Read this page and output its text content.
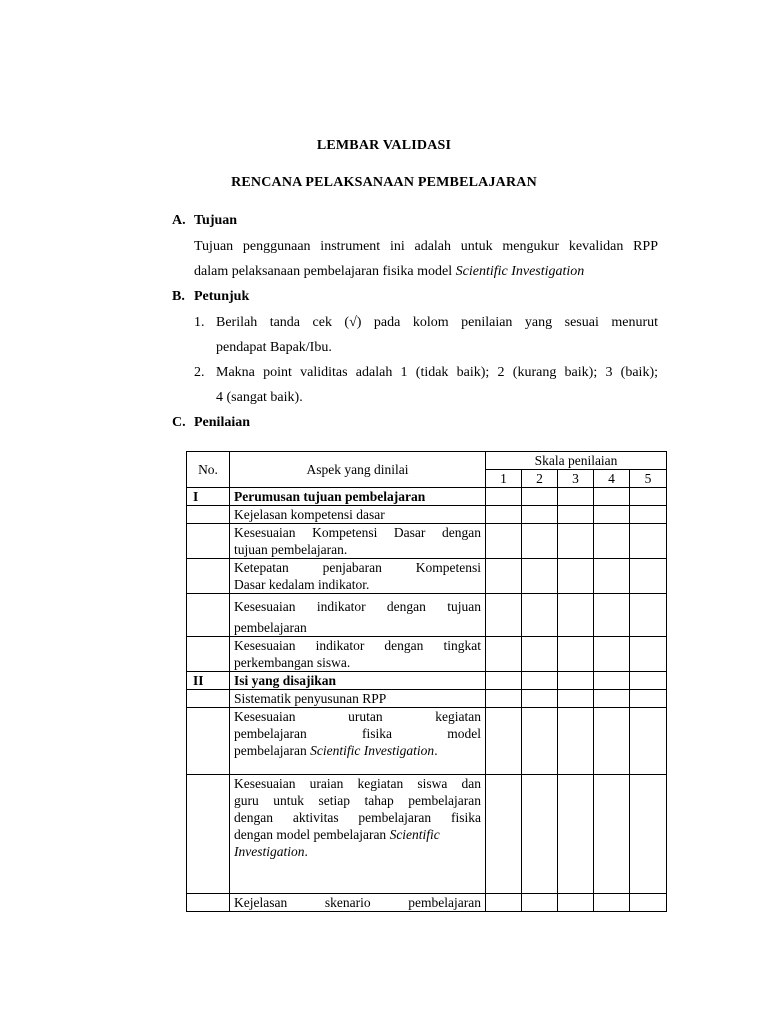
LEMBAR VALIDASI
RENCANA PELAKSANAAN PEMBELAJARAN
A. Tujuan
Tujuan penggunaan instrument ini adalah untuk mengukur kevalidan RPP
dalam pelaksanaan pembelajaran fisika model Scientific Investigation
B. Petunjuk
1. Berilah tanda cek (√) pada kolom penilaian yang sesuai menurut
pendapat Bapak/Ibu.
2. Makna point validitas adalah 1 (tidak baik); 2 (kurang baik); 3 (baik);
4 (sangat baik).
C. Penilaian
No.	Aspek yang dinilai	Skala penilaian				
		1	2	3	4	5
I	Perumusan tujuan pembelajaran					
	Kejelasan kompetensi dasar					

	Kesesuaian Kompetensi Dasar dengan
tujuan pembelajaran.					

	Ketepatan penjabaran Kompetensi
Dasar kedalam indikator.					

	Kesesuaian indikator dengan tujuan
pembelajaran					

	Kesesuaian indikator dengan tingkat
perkembangan siswa.					
II	Isi yang disajikan					
	Sistematik penyusunan RPP					

	Kesesuaian urutan kegiatan
pembelajaran fisika model
pembelajaran Scientific Investigation.					

	Kesesuaian uraian kegiatan siswa dan
guru untuk setiap tahap pembelajaran
dengan aktivitas pembelajaran fisika
dengan model pembelajaran Scientific
Investigation.					

	Kejelasan skenario pembelajaran					
